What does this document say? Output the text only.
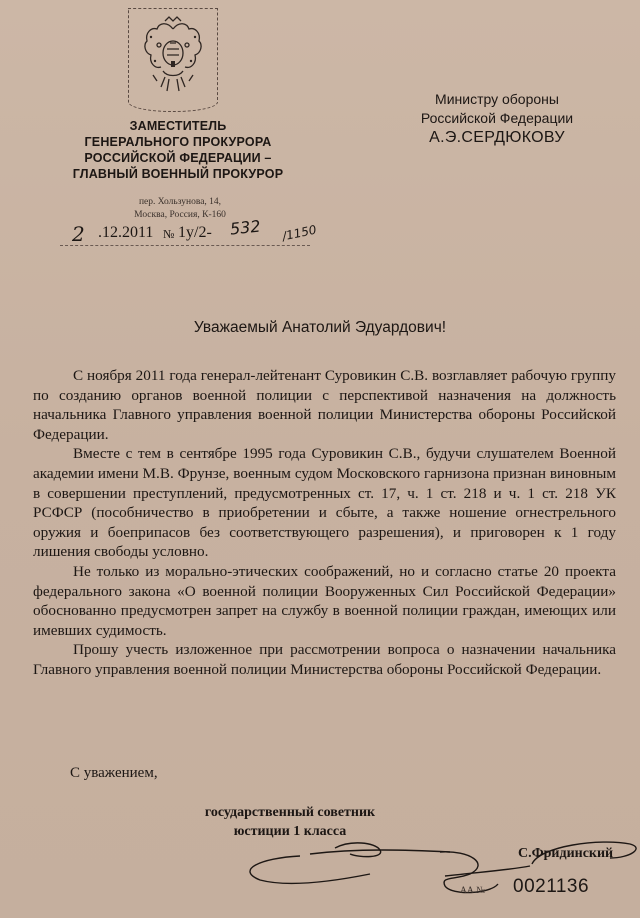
ЗАМЕСТИТЕЛЬ
ГЕНЕРАЛЬНОГО ПРОКУРОРА
РОССИЙСКОЙ ФЕДЕРАЦИИ –
ГЛАВНЫЙ ВОЕННЫЙ ПРОКУРОР
пер. Хользунова, 14,
Москва, Россия, К-160
2 .12.2011 № 1у/2- 532 /1150
Министру обороны
Российской Федерации
А.Э.СЕРДЮКОВУ
Уважаемый Анатолий Эдуардович!

С ноября 2011 года генерал-лейтенант Суровикин С.В. возглавляет рабочую группу по созданию органов военной полиции с перспективой назначения на должность начальника Главного управления военной полиции Министерства обороны Российской Федерации.

Вместе с тем в сентябре 1995 года Суровикин С.В., будучи слушателем Военной академии имени М.В. Фрунзе, военным судом Московского гарнизона признан виновным в совершении преступлений, предусмотренных ст. 17, ч. 1 ст. 218 и ч. 1 ст. 218 УК РСФСР (пособничество в приобретении и сбыте, а также ношение огнестрельного оружия и боеприпасов без соответствующего разрешения), и приговорен к 1 году лишения свободы условно.

Не только из морально-этических соображений, но и согласно статье 20 проекта федерального закона «О военной полиции Вооруженных Сил Российской Федерации» обоснованно предусмотрен запрет на службу в военной полиции граждан, имеющих или имевших судимость.

Прошу учесть изложенное при рассмотрении вопроса о назначении начальника Главного управления военной полиции Министерства обороны Российской Федерации.

С уважением,
государственный советник
юстиции 1 класса
С.Фридинский
АА № 0021136
